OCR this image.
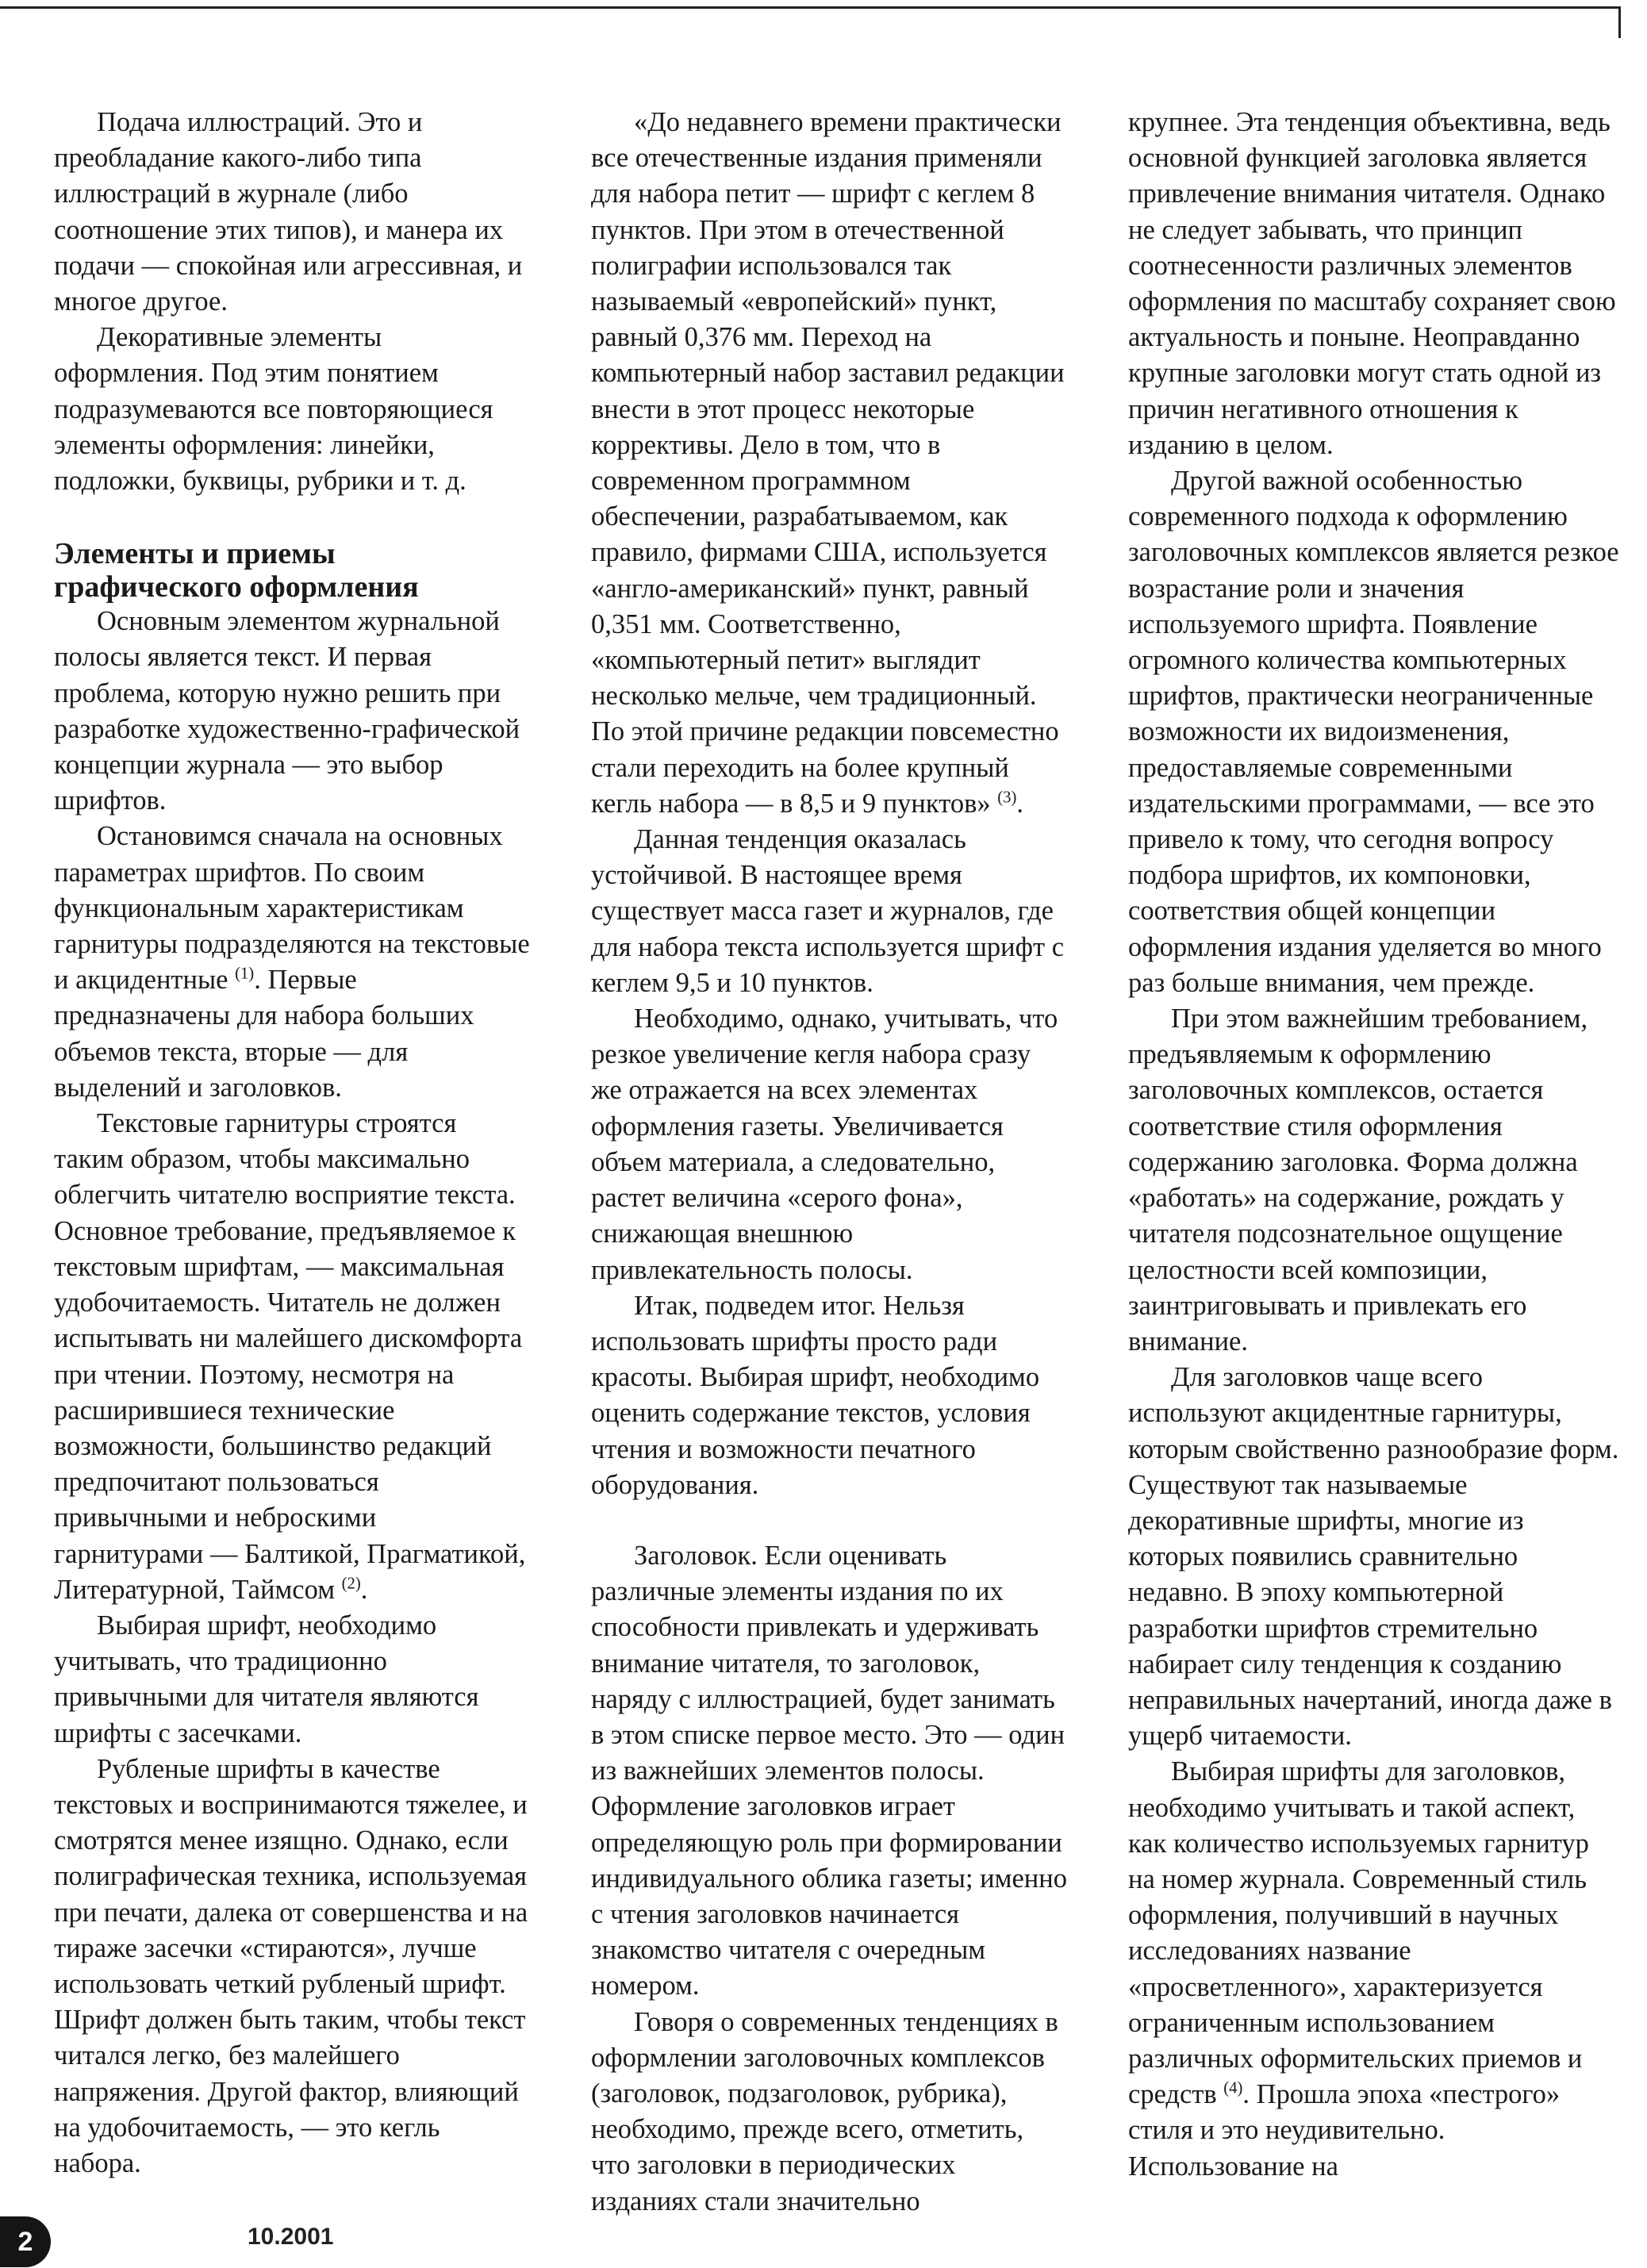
Подача иллюстраций. Это и преобладание какого-либо типа иллюстраций в журнале (либо соотношение этих типов), и манера их подачи — спокойная или агрессивная, и многое другое.

Декоративные элементы оформления. Под этим понятием подразумеваются все повторяющиеся элементы оформления: линейки, подложки, буквицы, рубрики и т. д.

Элементы и приемы графического оформления

Основным элементом журнальной полосы является текст. И первая проблема, которую нужно решить при разработке художественно-графической концепции журнала — это выбор шрифтов.

Остановимся сначала на основных параметрах шрифтов. По своим функциональным характеристикам гарнитуры подразделяются на текстовые и акцидентные $^{(1)}$. Первые предназначены для набора больших объемов текста, вторые — для выделений и заголовков.

Текстовые гарнитуры строятся таким образом, чтобы максимально облегчить читателю восприятие текста. Основное требование, предъявляемое к текстовым шрифтам, — максимальная удобочитаемость. Читатель не должен испытывать ни малейшего дискомфорта при чтении. Поэтому, несмотря на расширившиеся технические возможности, большинство редакций предпочитают пользоваться привычными и неброскими гарнитурами — Балтикой, Прагматикой, Литературной, Таймсом $^{(2)}$.

Выбирая шрифт, необходимо учитывать, что традиционно привычными для читателя являются шрифты с засечками.

Рубленые шрифты в качестве текстовых и воспринимаются тяжелее, и смотрятся менее изящно. Однако, если полиграфическая техника, используемая при печати, далека от совершенства и на тираже засечки «стираются», лучше использовать четкий рубленый шрифт. Шрифт должен быть таким, чтобы текст читался легко, без малейшего напряжения. Другой фактор, влияющий на удобочитаемость, — это кегль набора.

«До недавнего времени практически все отечественные издания применяли для набора петит — шрифт с кеглем 8 пунктов. При этом в отечественной полиграфии использовался так называемый «европейский» пункт, равный 0,376 мм. Переход на компьютерный набор заставил редакции внести в этот процесс некоторые коррективы. Дело в том, что в современном программном обеспечении, разрабатываемом, как правило, фирмами США, используется «англо-американский» пункт, равный 0,351 мм. Соответственно, «компьютерный петит» выглядит несколько мельче, чем традиционный. По этой причине редакции повсеместно стали переходить на более крупный кегль набора — в 8,5 и 9 пунктов» $^{(3)}$.

Данная тенденция оказалась устойчивой. В настоящее время существует масса газет и журналов, где для набора текста используется шрифт с кеглем 9,5 и 10 пунктов.

Необходимо, однако, учитывать, что резкое увеличение кегля набора сразу же отражается на всех элементах оформления газеты. Увеличивается объем материала, а следовательно, растет величина «серого фона», снижающая внешнюю привлекательность полосы.

Итак, подведем итог. Нельзя использовать шрифты просто ради красоты. Выбирая шрифт, необходимо оценить содержание текстов, условия чтения и возможности печатного оборудования.

Заголовок. Если оценивать различные элементы издания по их способности привлекать и удерживать внимание читателя, то заголовок, наряду с иллюстрацией, будет занимать в этом списке первое место. Это — один из важнейших элементов полосы. Оформление заголовков играет определяющую роль при формировании индивидуального облика газеты; именно с чтения заголовков начинается знакомство читателя с очередным номером.

Говоря о современных тенденциях в оформлении заголовочных комплексов (заголовок, подзаголовок, рубрика), необходимо, прежде всего, отметить, что заголовки в периодических изданиях стали значительно

крупнее. Эта тенденция объективна, ведь основной функцией заголовка является привлечение внимания читателя. Однако не следует забывать, что принцип соотнесенности различных элементов оформления по масштабу сохраняет свою актуальность и поныне. Неоправданно крупные заголовки могут стать одной из причин негативного отношения к изданию в целом.

Другой важной особенностью современного подхода к оформлению заголовочных комплексов является резкое возрастание роли и значения используемого шрифта. Появление огромного количества компьютерных шрифтов, практически неограниченные возможности их видоизменения, предоставляемые современными издательскими программами, — все это привело к тому, что сегодня вопросу подбора шрифтов, их компоновки, соответствия общей концепции оформления издания уделяется во много раз больше внимания, чем прежде.

При этом важнейшим требованием, предъявляемым к оформлению заголовочных комплексов, остается соответствие стиля оформления содержанию заголовка. Форма должна «работать» на содержание, рождать у читателя подсознательное ощущение целостности всей композиции, заинтриговывать и привлекать его внимание.

Для заголовков чаще всего используют акцидентные гарнитуры, которым свойственно разнообразие форм. Существуют так называемые декоративные шрифты, многие из которых появились сравнительно недавно. В эпоху компьютерной разработки шрифтов стремительно набирает силу тенденция к созданию неправильных начертаний, иногда даже в ущерб читаемости.

Выбирая шрифты для заголовков, необходимо учитывать и такой аспект, как количество используемых гарнитур на номер журнала. Современный стиль оформления, получивший в научных исследованиях название «просветленного», характеризуется ограниченным использованием различных оформительских приемов и средств $^{(4)}$. Прошла эпоха «пестрого» стиля и это неудивительно. Использование на

2	10.2001
